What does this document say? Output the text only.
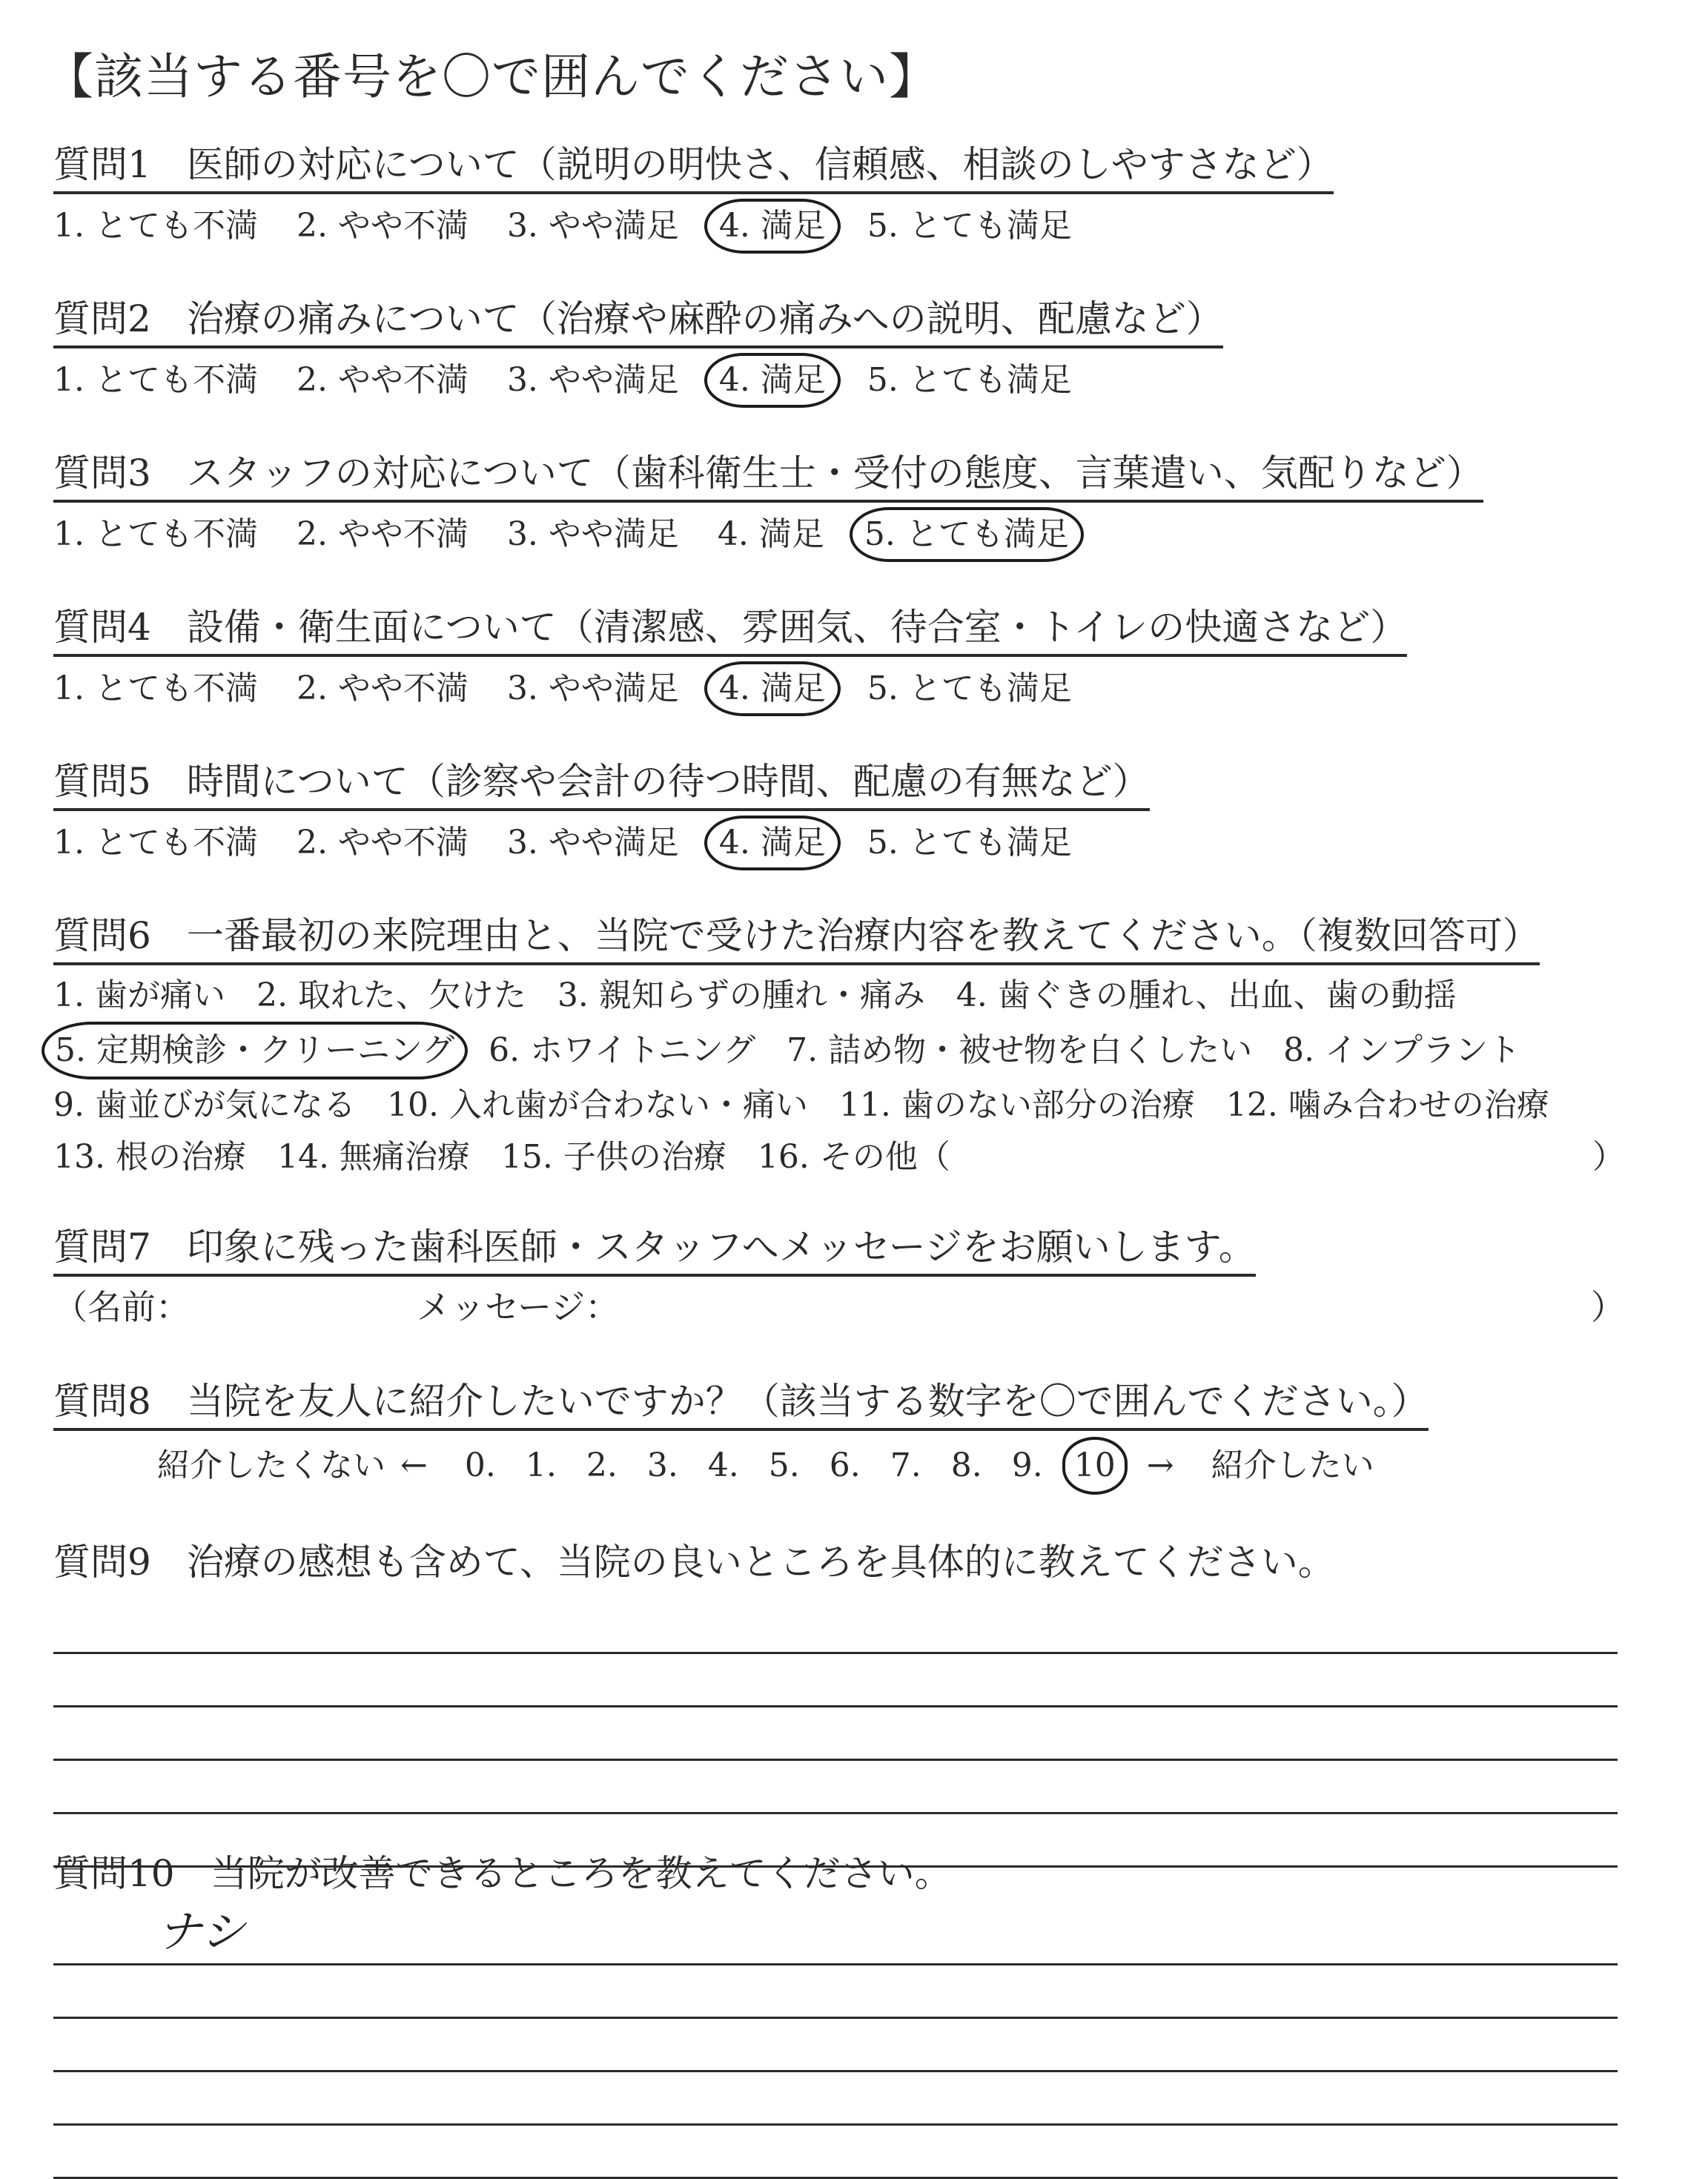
【該当する番号を〇で囲んでください】
質問1 医師の対応について（説明の明快さ、信頼感、相談のしやすさなど）
1. とても不満 2. やや不満 3. やや満足 4. 満足 5. とても満足
質問2 治療の痛みについて（治療や麻酔の痛みへの説明、配慮など）
1. とても不満 2. やや不満 3. やや満足 4. 満足 5. とても満足
質問3 スタッフの対応について（歯科衛生士・受付の態度、言葉遣い、気配りなど）
1. とても不満 2. やや不満 3. やや満足 4. 満足 5. とても満足
質問4 設備・衛生面について（清潔感、雰囲気、待合室・トイレの快適さなど）
1. とても不満 2. やや不満 3. やや満足 4. 満足 5. とても満足
質問5 時間について（診察や会計の待つ時間、配慮の有無など）
1. とても不満 2. やや不満 3. やや満足 4. 満足 5. とても満足
質問6 一番最初の来院理由と、当院で受けた治療内容を教えてください。（複数回答可）
1. 歯が痛い 2. 取れた、欠けた 3. 親知らずの腫れ・痛み 4. 歯ぐきの腫れ、出血、歯の動揺
5. 定期検診・クリーニング 6. ホワイトニング 7. 詰め物・被せ物を白くしたい 8. インプラント
9. 歯並びが気になる 10. 入れ歯が合わない・痛い 11. 歯のない部分の治療 12. 噛み合わせの治療
13. 根の治療 14. 無痛治療 15. 子供の治療 16. その他（	）
質問7 印象に残った歯科医師・スタッフへメッセージをお願いします。
（名前：	メッセージ：	）
質問8 当院を友人に紹介したいですか？（該当する数字を〇で囲んでください。）
紹介したくない ← 0. 1. 2. 3. 4. 5. 6. 7. 8. 9. 10 → 紹介したい
質問9 治療の感想も含めて、当院の良いところを具体的に教えてください。
質問10 当院が改善できるところを教えてください。
ナシ
